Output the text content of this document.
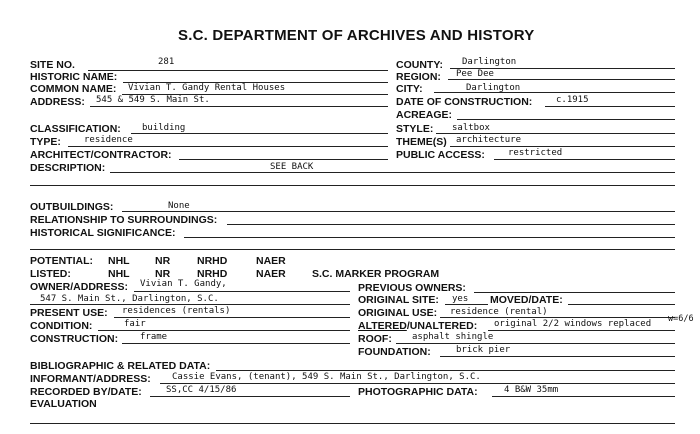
S.C. DEPARTMENT OF ARCHIVES AND HISTORY
SITE NO.	281
HISTORIC NAME:
COMMON NAME: Vivian T. Gandy Rental Houses
ADDRESS: 545 & 549 S. Main St.
COUNTY: Darlington
REGION: Pee Dee
CITY:	Darlington
DATE OF CONSTRUCTION:	c.1915
ACREAGE:
CLASSIFICATION: building
TYPE:	residence
ARCHITECT/CONTRACTOR:
DESCRIPTION:	SEE BACK
STYLE: saltbox
THEME(S) architecture
PUBLIC ACCESS:	restricted
OUTBUILDINGS:	None
RELATIONSHIP TO SURROUNDINGS:
HISTORICAL SIGNIFICANCE:
POTENTIAL: NHL NR	NRHD	NAER
LISTED:	NHL NR	NRHD	NAER S.C. MARKER PROGRAM
OWNER/ADDRESS: Vivian T. Gandy,
547 S. Main St., Darlington, S.C.
PRESENT USE: residences (rentals)
CONDITION:	fair
CONSTRUCTION: frame
PREVIOUS OWNERS:
ORIGINAL SITE: yes MOVED/DATE:
ORIGINAL USE: residence (rental)
ALTERED/UNALTERED: original 2/2 windows replaced w=6/6
ROOF: asphalt shingle
FOUNDATION:	brick pier
BIBLIOGRAPHIC & RELATED DATA:
INFORMANT/ADDRESS: Cassie Evans, (tenant), 549 S. Main St., Darlington, S.C.
RECORDED BY/DATE:	SS,CC 4/15/86	PHOTOGRAPHIC DATA:	4 B&W 35mm
EVALUATION
